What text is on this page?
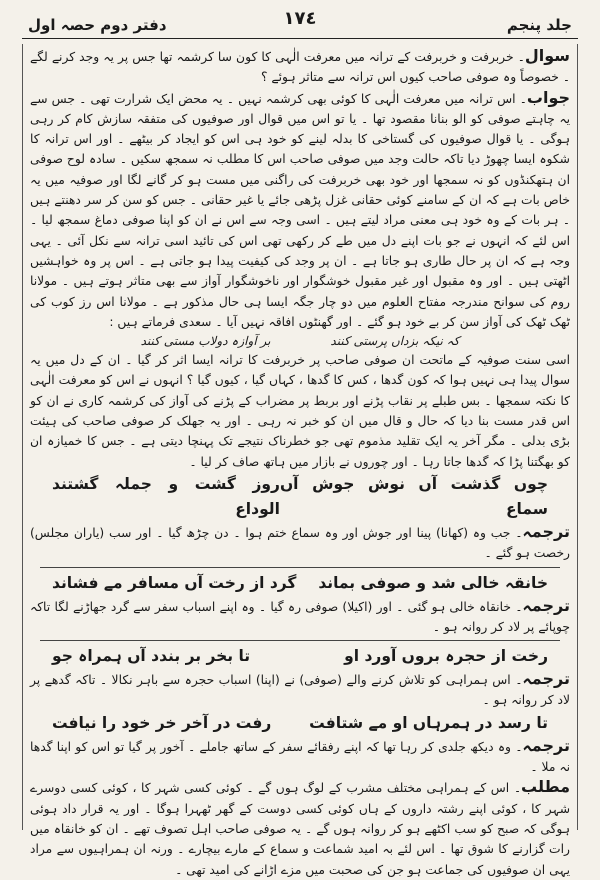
جلد پنجم
١٧٤
دفتر دوم حصہ اول

سوال۔ خربرفت و خربرفت کے ترانہ میں معرفت الٰہی کا کون سا کرشمہ تھا جس پر یہ وجد کرنے لگے ۔ خصوصاً وہ صوفی صاحب کیوں اس ترانہ سے متاثر ہوئے ؟

جواب۔ اس ترانہ میں معرفت الٰہی کا کوئی بھی کرشمہ نہیں ۔ یہ محض ایک شرارت تھی ۔ جس سے یہ چاہتے صوفی کو الو بنانا مقصود تھا ۔ یا تو اس میں قوال اور صوفیوں کی متفقہ سازش کام کر رہی ہوگی ۔ یا قوال صوفیوں کی گستاخی کا بدلہ لینے کو خود ہی اس کو ایجاد کر بیٹھے ۔ اور اس ترانہ کا شکوہ ایسا چھوڑ دیا تاکہ حالت وجد میں صوفی صاحب اس کا مطلب نہ سمجھ سکیں ۔ سادہ لوح صوفی ان ہتھکنڈوں کو نہ سمجھا اور خود بھی خربرفت کی راگنی میں مست ہو کر گانے لگا اور صوفیہ میں یہ خاص بات ہے کہ ان کے سامنے کوئی حقانی غزل پڑھی جائے یا غیر حقانی ۔ جس کو سن کر سر دھنتے ہیں ۔ ہر بات کے وہ خود ہی معنی مراد لیتے ہیں ۔ اسی وجہ سے اس نے ان کو اپنا صوفی دماغ سمجھ لیا ۔ اس لئے کہ انہوں نے جو بات اپنے دل میں طے کر رکھی تھی اس کی تائید اسی ترانہ سے نکل آئی ۔ یہی وجہ ہے کہ ان پر حال طاری ہو جاتا ہے ۔ ان پر وجد کی کیفیت پیدا ہو جاتی ہے ۔ اس پر وہ خواہشیں اٹھتی ہیں ۔ اور وہ مقبول اور غیر مقبول خوشگوار اور ناخوشگوار آواز سے بھی متاثر ہوتے ہیں ۔ مولانا روم کی سوانح مندرجہ مفتاح العلوم میں دو چار جگہ ایسا ہی حال مذکور ہے ۔ مولانا اس رز کوب کی ٹھک ٹھک کی آواز سن کر بے خود ہو گئے ۔ اور گھنٹوں افاقہ نہیں آیا ۔ سعدی فرماتے ہیں :

کہ نیکہ بزداں پرستی کنند
بر آوازہ دولاب مستی کنند

اسی سنت صوفیہ کے ماتحت ان صوفی صاحب پر خربرفت کا ترانہ ایسا اثر کر گیا ۔ ان کے دل میں یہ سوال پیدا ہی نہیں ہوا کہ کون گدھا ، کس کا گدھا ، کہاں گیا ، کیوں گیا ؟ انہوں نے اس کو معرفت الٰہی کا نکتہ سمجھا ۔ بس طبلے پر نقاب پڑنے اور بربط پر مضراب کے پڑنے کی آواز کی کرشمہ کاری نے ان کو اس قدر مست بنا دیا کہ حال و قال میں ان کو خبر نہ رہی ۔ اور یہ جھلک کر صوفی صاحب کی ہیئت بڑی بدلی ۔ مگر آخر یہ ایک تقلید مذموم تھی جو خطرناک نتیجے تک پہنچا دیتی ہے ۔ جس کا خمیازہ ان کو بھگتنا پڑا کہ گدھا جاتا رہا ۔ اور چوروں نے بازار میں ہاتھ صاف کر لیا ۔

چوں گذشت آں نوش جوش آں سماع
روز گشت و جملہ گشتند الوداع

ترجمہ۔ جب وہ (کھانا) پینا اور جوش اور وہ سماع ختم ہوا ۔ دن چڑھ گیا ۔ اور سب (یاران مجلس) رخصت ہو گئے ۔

خانقہ خالی شد و صوفی بماند
گرد از رخت آں مسافر مے فشاند

ترجمہ۔ خانقاہ خالی ہو گئی ۔ اور (اکیلا) صوفی رہ گیا ۔ وہ اپنے اسباب سفر سے گرد جھاڑنے لگا تاکہ چوپائے پر لاد کر روانہ ہو ۔

رخت از حجرہ بروں آورد او
تا بخر بر بندد آں ہمراہ جو

ترجمہ۔ اس ہمراہی کو تلاش کرنے والے (صوفی) نے (اپنا) اسباب حجرہ سے باہر نکالا ۔ تاکہ گدھے پر لاد کر روانہ ہو ۔

تا رسد در ہمرہاں او مے شتافت
رفت در آخر خر خود را نیافت

ترجمہ۔ وہ دیکھ جلدی کر رہا تھا کہ اپنے رفقائے سفر کے ساتھ جاملے ۔ آخور پر گیا تو اس کو اپنا گدھا نہ ملا ۔

مطلب۔ اس کے ہمراہی مختلف مشرب کے لوگ ہوں گے ۔ کوئی کسی شہر کا ، کوئی کسی دوسرے شہر کا ، کوئی اپنے رشتہ داروں کے ہاں کوئی کسی دوست کے گھر ٹھہرا ہوگا ۔ اور یہ قرار داد ہوئی ہوگی کہ صبح کو سب اکٹھے ہو کر روانہ ہوں گے ۔ یہ صوفی صاحب اہل تصوف تھے ۔ ان کو خانقاہ میں رات گزارنے کا شوق تھا ۔ اس لئے بہ امید شماعت و سماع کے مارے بیچارے ۔ ورنہ ان ہمراہیوں سے مراد یہی ان صوفیوں کی جماعت ہو جن کی صحبت میں مزے اڑانے کی امید تھی ۔
